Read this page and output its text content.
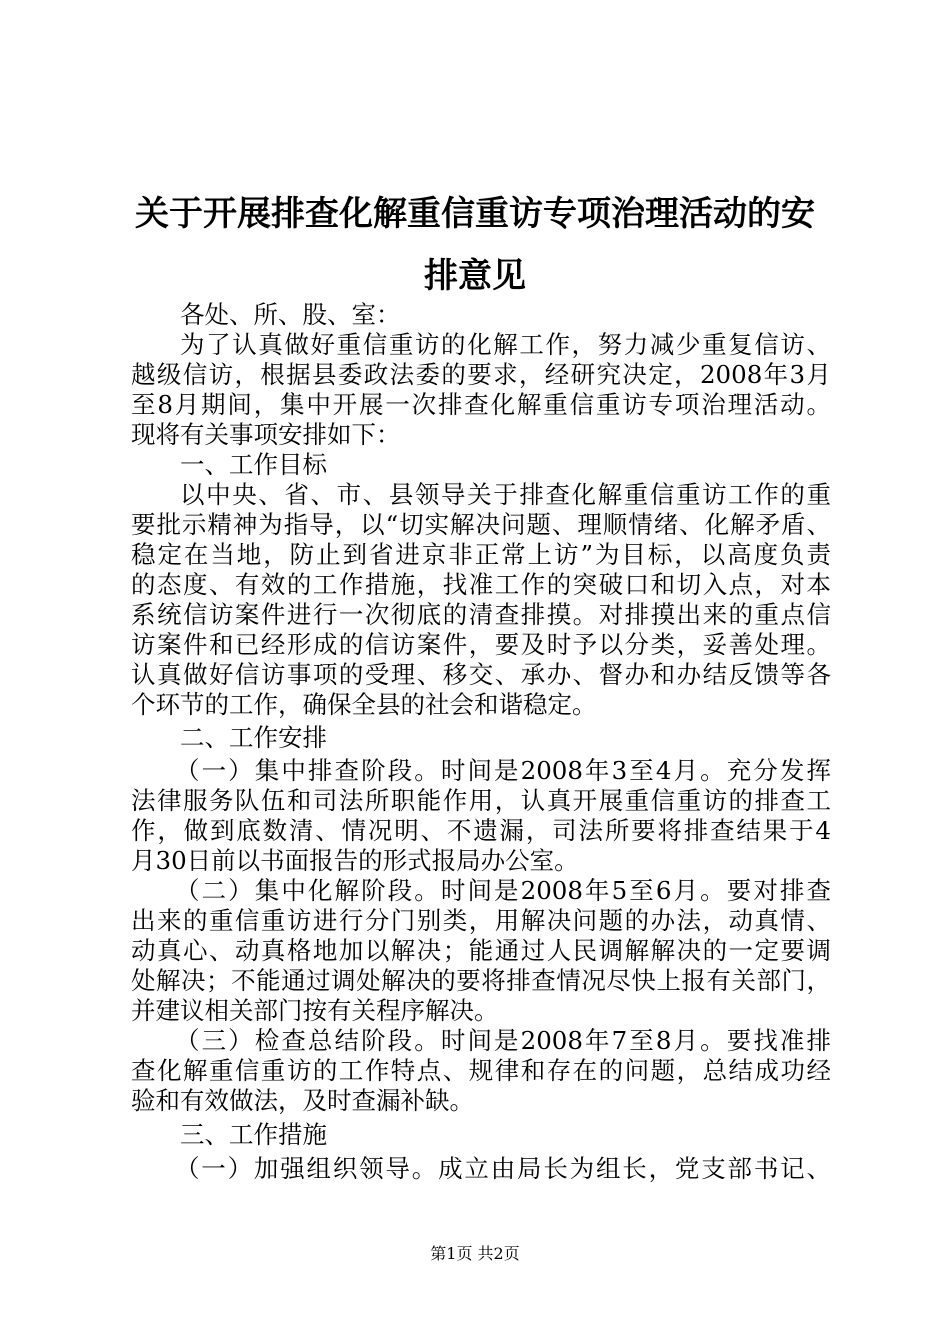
关于开展排查化解重信重访专项治理活动的安
排意见

各处、所、股、室：

为了认真做好重信重访的化解工作，努力减少重复信访、

越级信访，根据县委政法委的要求，经研究决定，2008年3月

至8月期间，集中开展一次排查化解重信重访专项治理活动。

现将有关事项安排如下：

一、工作目标

以中央、省、市、县领导关于排查化解重信重访工作的重

要批示精神为指导，以“切实解决问题、理顺情绪、化解矛盾、

稳定在当地，防止到省进京非正常上访”为目标，以高度负责

的态度、有效的工作措施，找准工作的突破口和切入点，对本

系统信访案件进行一次彻底的清查排摸。对排摸出来的重点信

访案件和已经形成的信访案件，要及时予以分类，妥善处理。

认真做好信访事项的受理、移交、承办、督办和办结反馈等各

个环节的工作，确保全县的社会和谐稳定。

二、工作安排

（一）集中排查阶段。时间是2008年3至4月。充分发挥

法律服务队伍和司法所职能作用，认真开展重信重访的排查工

作，做到底数清、情况明、不遗漏，司法所要将排查结果于4

月30日前以书面报告的形式报局办公室。

（二）集中化解阶段。时间是2008年5至6月。要对排查

出来的重信重访进行分门别类，用解决问题的办法，动真情、

动真心、动真格地加以解决；能通过人民调解解决的一定要调

处解决；不能通过调处解决的要将排查情况尽快上报有关部门，

并建议相关部门按有关程序解决。

（三）检查总结阶段。时间是2008年7至8月。要找准排

查化解重信重访的工作特点、规律和存在的问题，总结成功经

验和有效做法，及时查漏补缺。

三、工作措施

（一）加强组织领导。成立由局长为组长，党支部书记、

第1页 共2页
